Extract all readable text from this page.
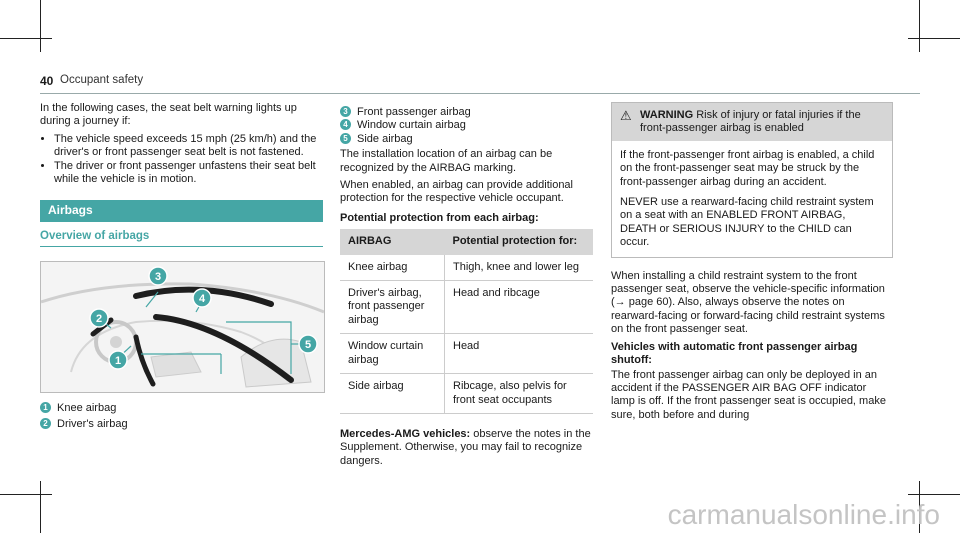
40 Occupant safety

In the following cases, the seat belt warning lights up during a journey if:

• The vehicle speed exceeds 15 mph (25 km/h) and the driver's or front passenger seat belt is not fastened.
• The driver or front passenger unfastens their seat belt while the vehicle is in motion.
Airbags
Overview of airbags
1
2
3
4
5
1 Knee airbag
2 Driver's airbag
3 Front passenger airbag
4 Window curtain airbag
5 Side airbag

The installation location of an airbag can be recognized by the AIRBAG marking.

When enabled, an airbag can provide additional protection for the respective vehicle occupant.

Potential protection from each airbag:

AIRBAG	Potential protection for:
Knee airbag	Thigh, knee and lower leg
Driver's airbag, front passenger airbag	Head and ribcage
Window curtain airbag	Head
Side airbag	Ribcage, also pelvis for front seat occupants

Mercedes-AMG vehicles: observe the notes in the Supplement. Otherwise, you may fail to recognize dangers.

⚠ WARNING Risk of injury or fatal injuries if the front-passenger airbag is enabled

If the front-passenger front airbag is enabled, a child on the front-passenger seat may be struck by the front-passenger airbag during an accident.

NEVER use a rearward-facing child restraint system on a seat with an ENABLED FRONT AIRBAG, DEATH or SERIOUS INJURY to the CHILD can occur.

When installing a child restraint system to the front passenger seat, observe the vehicle-specific information (→ page 60). Also, always observe the notes on rearward-facing or forward-facing child restraint systems on the front passenger seat.

Vehicles with automatic front passenger airbag shutoff:

The front passenger airbag can only be deployed in an accident if the PASSENGER AIR BAG OFF indicator lamp is off. If the front passenger seat is occupied, make sure, both before and during

carmanualsonline.info
